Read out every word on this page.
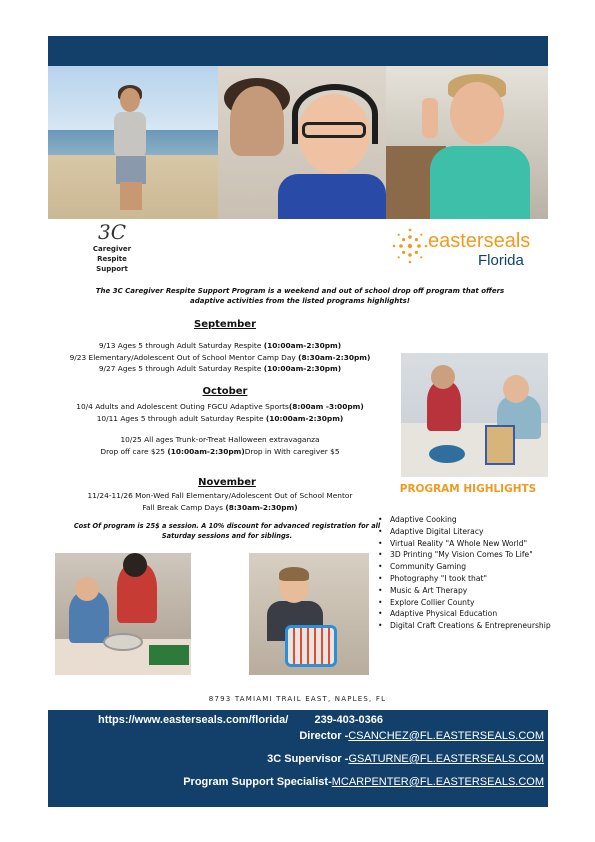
3C
Caregiver
Respite
Support
easterseals
Florida
The 3C Caregiver Respite Support Program is a weekend and out of school drop off program that offers adaptive activities from the listed programs highlights!
September
9/13 Ages 5 through Adult Saturday Respite (10:00am-2:30pm)
9/23 Elementary/Adolescent Out of School Mentor Camp Day (8:30am-2:30pm)
9/27 Ages 5 through Adult Saturday Respite (10:00am-2:30pm)
October
10/4 Adults and Adolescent Outing FGCU Adaptive Sports(8:00am -3:00pm)
10/11 Ages 5 through adult Saturday Respite (10:00am-2:30pm)
10/25 All ages Trunk-or-Treat Halloween extravaganza
Drop off care $25 (10:00am-2:30pm)Drop in With caregiver $5
November
11/24-11/26 Mon-Wed Fall Elementary/Adolescent Out of School Mentor
Fall Break Camp Days (8:30am-2:30pm)
Cost Of program is 25$ a session. A 10% discount for advanced registration for all Saturday sessions and for siblings.
PROGRAM HIGHLIGHTS
• Adaptive Cooking
• Adaptive Digital Literacy
• Virtual Reality "A Whole New World"
• 3D Printing "My Vision Comes To Life"
• Community Gaming
• Photography "I took that"
• Music & Art Therapy
• Explore Collier County
• Adaptive Physical Education
• Digital Craft Creations & Entrepreneurship
8793 TAMIAMI TRAIL EAST, NAPLES, FL
https://www.easterseals.com/florida/ 239-403-0366
Director -CSANCHEZ@FL.EASTERSEALS.COM
3C Supervisor -GSATURNE@FL.EASTERSEALS.COM
Program Support Specialist-MCARPENTER@FL.EASTERSEALS.COM
